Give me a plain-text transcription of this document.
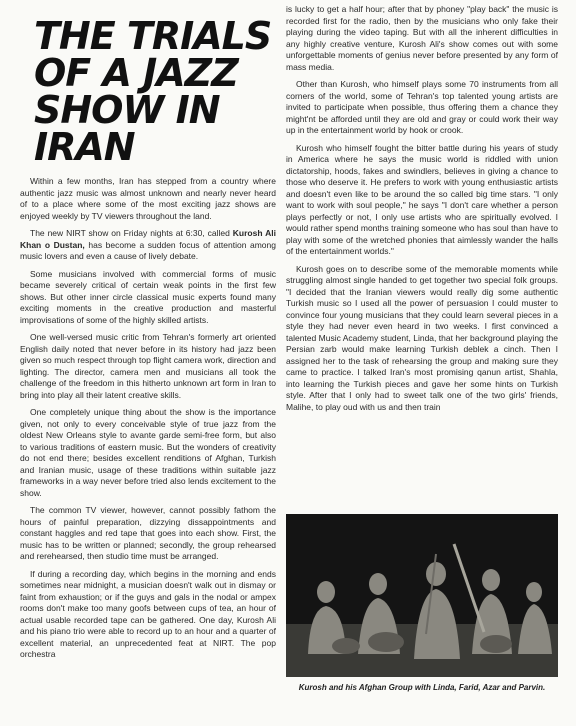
THE TRIALS
OF A JAZZ
SHOW IN
IRAN

Within a few months, Iran has stepped from a country where authentic jazz music was almost unknown and nearly never heard of to a place where some of the most exciting jazz shows are enjoyed weekly by TV viewers throughout the land.

The new NIRT show on Friday nights at 6:30, called Kurosh Ali Khan o Dustan, has become a sudden focus of attention among music lovers and even a cause of lively debate.

Some musicians involved with commercial forms of music became severely critical of certain weak points in the first few shows. But other inner circle classical music experts found many exciting moments in the creative production and masterful improvisations of some of the highly skilled artists.

One well-versed music critic from Tehran's formerly art oriented English daily noted that never before in its history had jazz been given so much respect through top flight camera work, direction and lighting. The director, camera men and musicians all took the challenge of the freedom in this hitherto unknown art form in Iran to bring into play all their latent creative skills.

One completely unique thing about the show is the importance given, not only to every conceivable style of true jazz from the oldest New Orleans style to avante garde semi-free form, but also to various traditions of eastern music. But the wonders of creativity do not end there; besides excellent renditions of Afghan, Turkish and Iranian music, usage of these traditions within suitable jazz frameworks in a way never before tried also lends excitement to the show.

The common TV viewer, however, cannot possibly fathom the hours of painful preparation, dizzying dissappointments and constant haggles and red tape that goes into each show. First, the music has to be written or planned; secondly, the group rehearsed and rerehearsed, then studio time must be arranged.

If during a recording day, which begins in the morning and ends sometimes near midnight, a musician doesn't walk out in dismay or faint from exhaustion; or if the guys and gals in the nodal or ampex rooms don't make too many goofs between cups of tea, an hour of actual usable recorded tape can be gathered. One day, Kurosh Ali and his piano trio were able to record up to an hour and a quarter of excellent material, an unprecedented feat at NIRT. The pop orchestra

is lucky to get a half hour; after that by phoney "play back" the music is recorded first for the radio, then by the musicians who only fake their playing during the video taping. But with all the inherent difficulties in any highly creative venture, Kurosh Ali's show comes out with some unforgettable moments of genius never before presented by any form of mass media.

Other than Kurosh, who himself plays some 70 instruments from all corners of the world, some of Tehran's top talented young artists are invited to participate when possible, thus offering them a chance they might'nt be afforded until they are old and gray or could work their way up in the entertainment world by hook or crook.

Kurosh who himself fought the bitter battle during his years of study in America where he says the music world is riddled with union dictatorship, hoods, fakes and swindlers, believes in giving a chance to those who deserve it. He prefers to work with young enthusiastic artists and doesn't even like to be around the so called big time stars. "I only want to work with soul people," he says "I don't care whether a person plays perfectly or not, I only use artists who are spiritually evolved. I would rather spend months training someone who has soul than have to play with some of the wretched phonies that aimlessly wander the halls of the entertainment worlds."

Kurosh goes on to describe some of the memorable moments while struggling almost single handed to get together two special folk groups. "I decided that the Iranian viewers would really dig some authentic Turkish music so I used all the power of persuasion I could muster to convince four young musicians that they could learn several pieces in a style they had never even heard in two weeks. I first convinced a talented Music Academy student, Linda, that her background playing the Persian zarb would make learning Turkish deblek a cinch. Then I assigned her to the task of rehearsing the group and making sure they came to practice. I talked Iran's most promising qanun artist, Shahla, into learning the Turkish pieces and gave her some hints on Turkish style. After that I only had to sweet talk one of the two girls' friends, Malihe, to play oud with us and then train

Kurosh and his Afghan Group with Linda, Farid, Azar and Parvin.
